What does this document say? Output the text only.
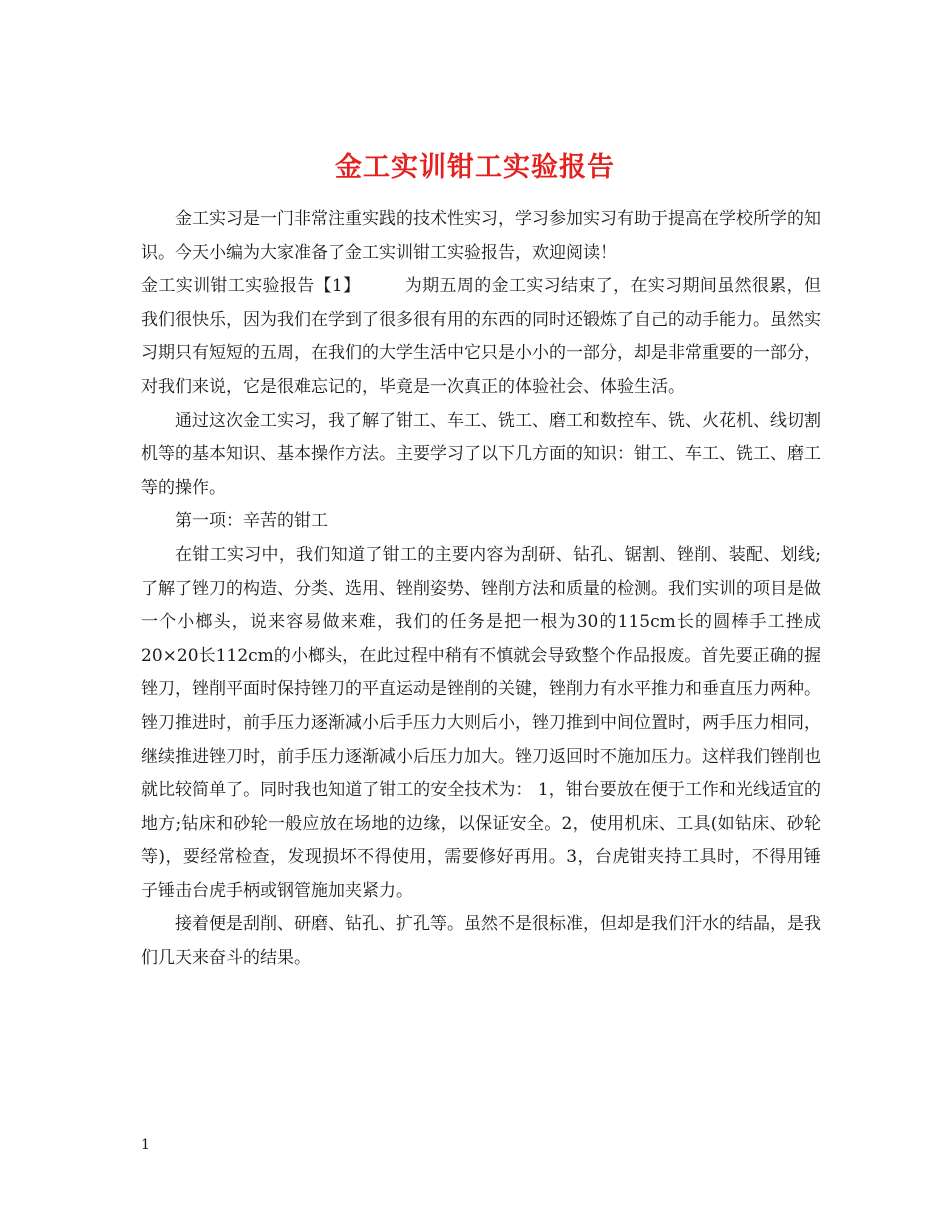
金工实训钳工实验报告

金工实习是一门非常注重实践的技术性实习，学习参加实习有助于提高在学校所学的知识。今天小编为大家准备了金工实训钳工实验报告，欢迎阅读！

金工实训钳工实验报告【1】	为期五周的金工实习结束了，在实习期间虽然很累，但我们很快乐，因为我们在学到了很多很有用的东西的同时还锻炼了自己的动手能力。虽然实习期只有短短的五周，在我们的大学生活中它只是小小的一部分，却是非常重要的一部分，对我们来说，它是很难忘记的，毕竟是一次真正的体验社会、体验生活。

通过这次金工实习，我了解了钳工、车工、铣工、磨工和数控车、铣、火花机、线切割机等的基本知识、基本操作方法。主要学习了以下几方面的知识：钳工、车工、铣工、磨工等的操作。

第一项：辛苦的钳工

在钳工实习中，我们知道了钳工的主要内容为刮研、钻孔、锯割、锉削、装配、划线;了解了锉刀的构造、分类、选用、锉削姿势、锉削方法和质量的检测。我们实训的项目是做一个小榔头，说来容易做来难，我们的任务是把一根为30的115cm长的圆棒手工挫成20×20长112cm的小榔头，在此过程中稍有不慎就会导致整个作品报废。首先要正确的握锉刀，锉削平面时保持锉刀的平直运动是锉削的关键，锉削力有水平推力和垂直压力两种。锉刀推进时，前手压力逐渐减小后手压力大则后小，锉刀推到中间位置时，两手压力相同，继续推进锉刀时，前手压力逐渐减小后压力加大。锉刀返回时不施加压力。这样我们锉削也就比较简单了。同时我也知道了钳工的安全技术为： 1，钳台要放在便于工作和光线适宜的地方;钻床和砂轮一般应放在场地的边缘，以保证安全。2，使用机床、工具(如钻床、砂轮等)，要经常检查，发现损坏不得使用，需要修好再用。3，台虎钳夹持工具时，不得用锤子锤击台虎手柄或钢管施加夹紧力。

接着便是刮削、研磨、钻孔、扩孔等。虽然不是很标准，但却是我们汗水的结晶，是我们几天来奋斗的结果。

1
